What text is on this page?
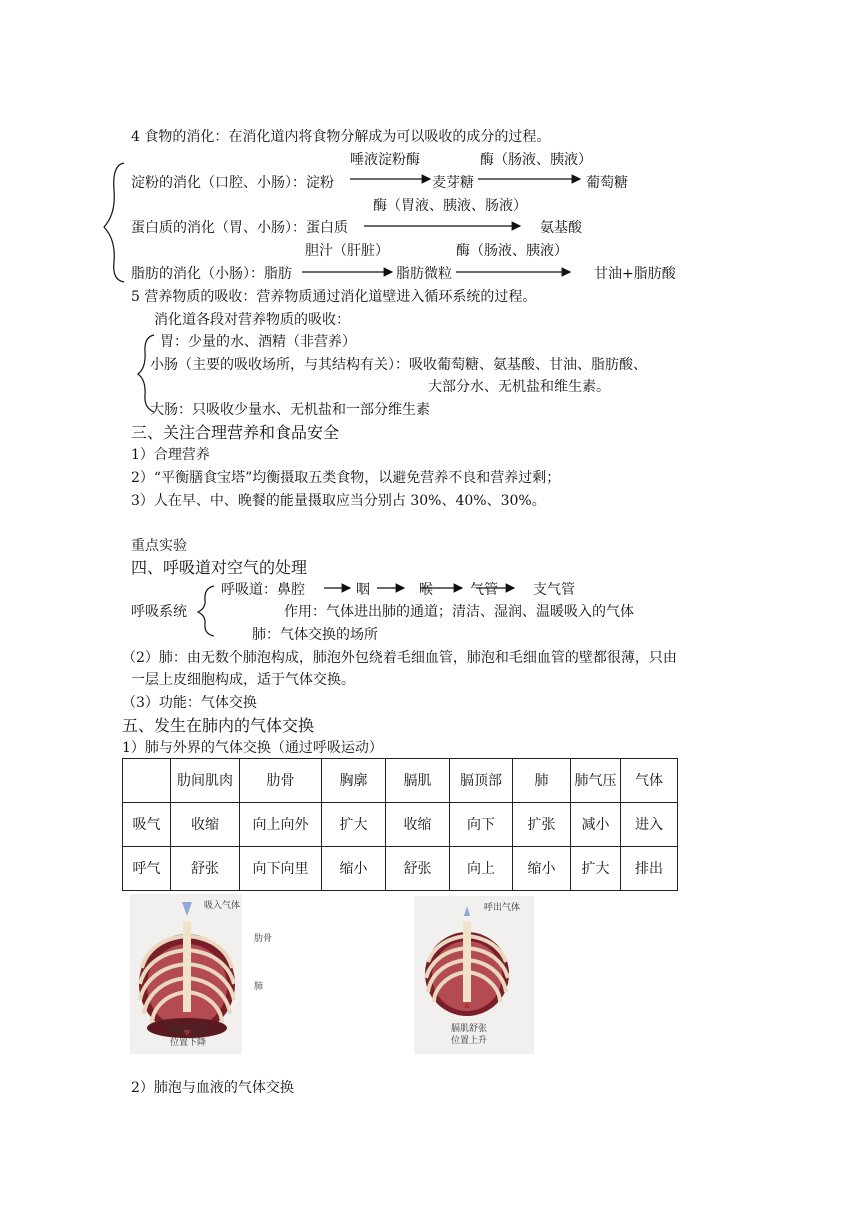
4 食物的消化：在消化道内将食物分解成为可以吸收的成分的过程。
唾液淀粉酶	酶（肠液、胰液）
淀粉的消化（口腔、小肠）：淀粉	麦芽糖	葡萄糖
酶（胃液、胰液、肠液）
蛋白质的消化（胃、小肠）：蛋白质	氨基酸
胆汁（肝脏）	酶（肠液、胰液）
脂肪的消化（小肠）：脂肪	脂肪微粒	甘油+脂肪酸
5 营养物质的吸收：营养物质通过消化道壁进入循环系统的过程。
消化道各段对营养物质的吸收：
胃：少量的水、酒精（非营养）
小肠（主要的吸收场所，与其结构有关）：吸收葡萄糖、氨基酸、甘油、脂肪酸、
大部分水、无机盐和维生素。
大肠：只吸收少量水、无机盐和一部分维生素
三、关注合理营养和食品安全
1）合理营养
2）“平衡膳食宝塔”均衡摄取五类食物，以避免营养不良和营养过剩；
3）人在早、中、晚餐的能量摄取应当分别占 30%、40%、30%。
重点实验
四、呼吸道对空气的处理
呼吸道：鼻腔	咽	喉	气管	支气管
呼吸系统	作用：气体进出肺的通道；清洁、湿润、温暖吸入的气体
肺：气体交换的场所
（2）肺：由无数个肺泡构成，肺泡外包绕着毛细血管，肺泡和毛细血管的壁都很薄，只由
一层上皮细胞构成，适于气体交换。
（3）功能：气体交换
五、发生在肺内的气体交换
1）肺与外界的气体交换（通过呼吸运动）
	肋间肌肉	肋骨	胸廓	膈肌	膈顶部	肺	肺气压	气体
吸气	收缩	向上向外	扩大	收缩	向下	扩张	减小	进入
呼气	舒张	向下向里	缩小	舒张	向上	缩小	扩大	排出
吸入气体
肋骨
肺
膈肌收缩
位置下降
呼出气体
膈肌舒张
位置上升
2）肺泡与血液的气体交换
